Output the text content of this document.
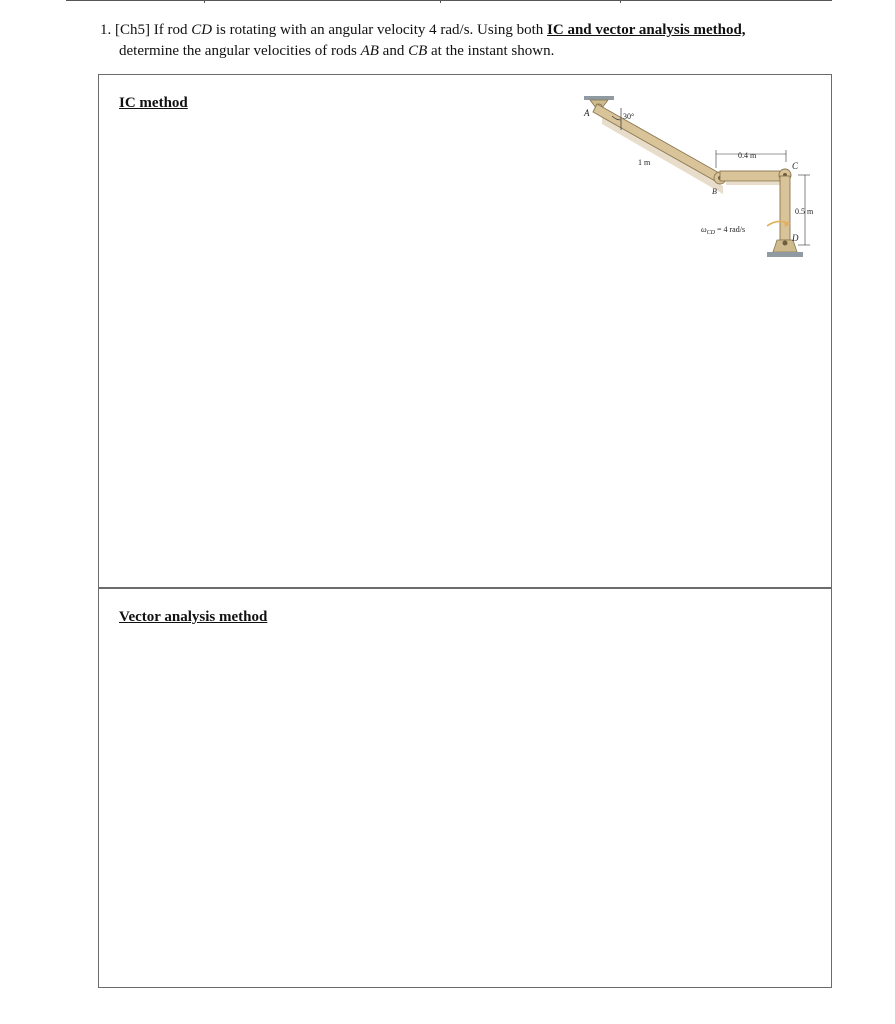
1. [Ch5] If rod CD is rotating with an angular velocity 4 rad/s. Using both IC and vector analysis method,
determine the angular velocities of rods AB and CB at the instant shown.
IC method
Vector analysis method
A
B
C
D
30°
1 m
0.4 m
0.5 m
$\omega_{CD} = 4$ rad/s
